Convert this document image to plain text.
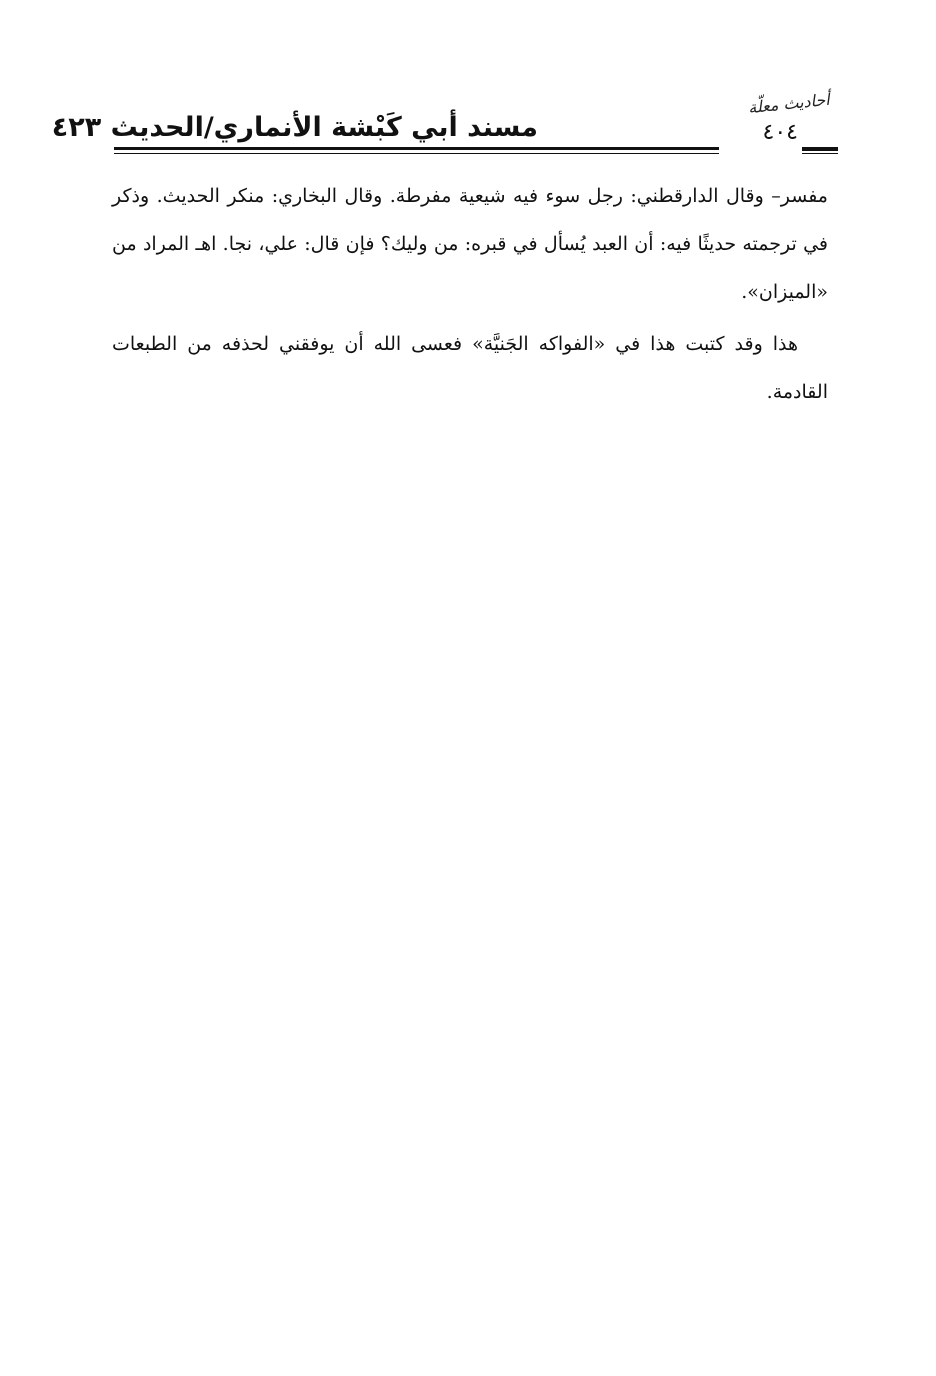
أحاديث معلّة
٤٠٤
مسند أبي كَبْشة الأنماري/الحديث ٤٢٣

مفسر– وقال الدارقطني: رجل سوء فيه شيعية مفرطة. وقال البخاري: منكر الحديث. وذكر في ترجمته حديثًا فيه: أن العبد يُسأل في قبره: من وليك؟ فإن قال: علي، نجا. اهـ المراد من «الميزان».

هذا وقد كتبت هذا في «الفواكه الجَنيَّة» فعسى الله أن يوفقني لحذفه من الطبعات القادمة.
